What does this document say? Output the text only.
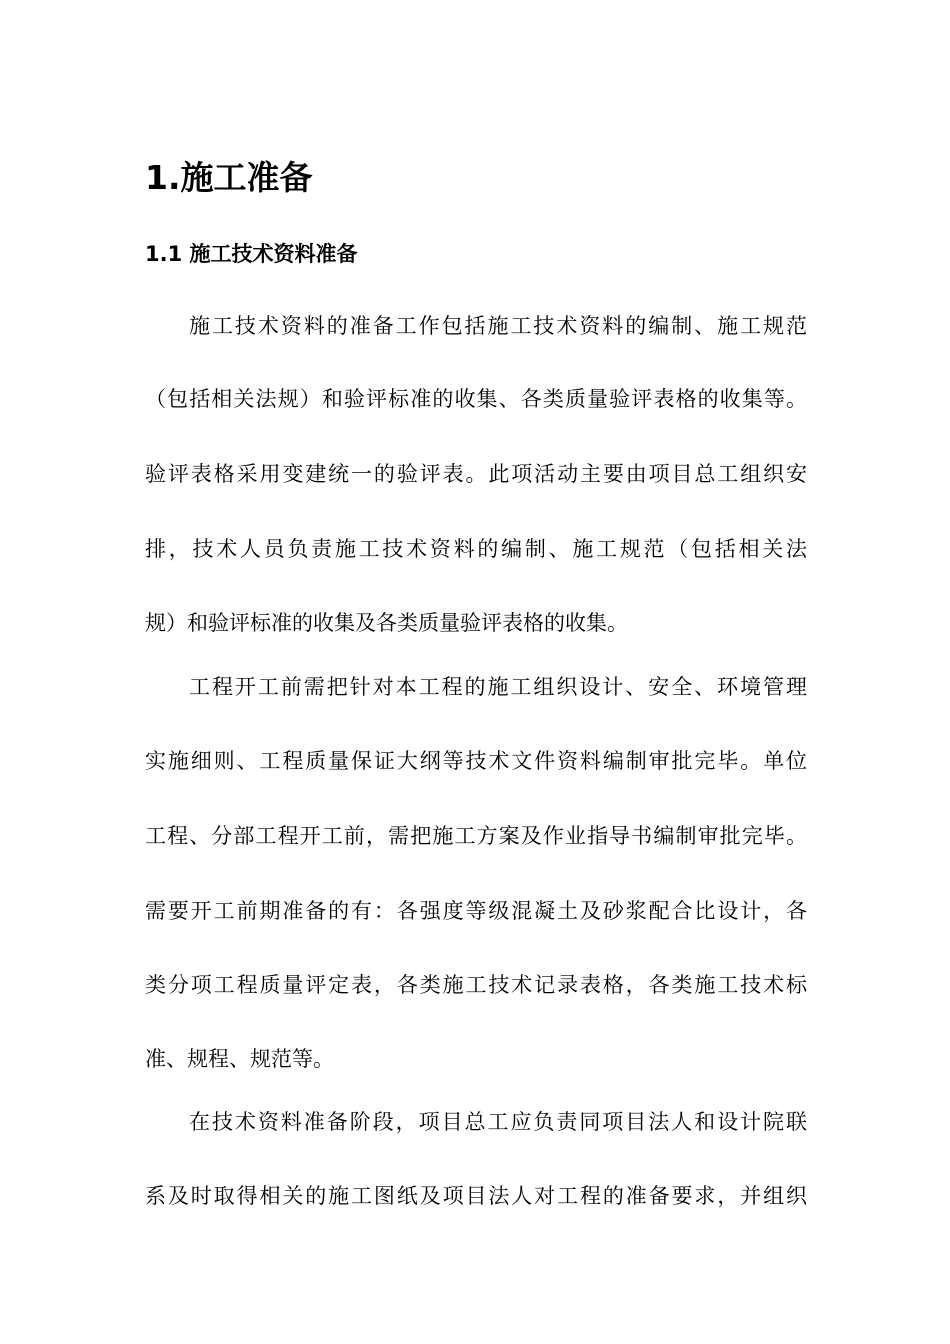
1.施工准备
1.1 施工技术资料准备

施工技术资料的准备工作包括施工技术资料的编制、施工规范

（包括相关法规）和验评标准的收集、各类质量验评表格的收集等。

验评表格采用变建统一的验评表。此项活动主要由项目总工组织安

排，技术人员负责施工技术资料的编制、施工规范（包括相关法

规）和验评标准的收集及各类质量验评表格的收集。

工程开工前需把针对本工程的施工组织设计、安全、环境管理

实施细则、工程质量保证大纲等技术文件资料编制审批完毕。单位

工程、分部工程开工前，需把施工方案及作业指导书编制审批完毕。

需要开工前期准备的有：各强度等级混凝土及砂浆配合比设计，各

类分项工程质量评定表，各类施工技术记录表格，各类施工技术标

准、规程、规范等。

在技术资料准备阶段，项目总工应负责同项目法人和设计院联

系及时取得相关的施工图纸及项目法人对工程的准备要求，并组织
